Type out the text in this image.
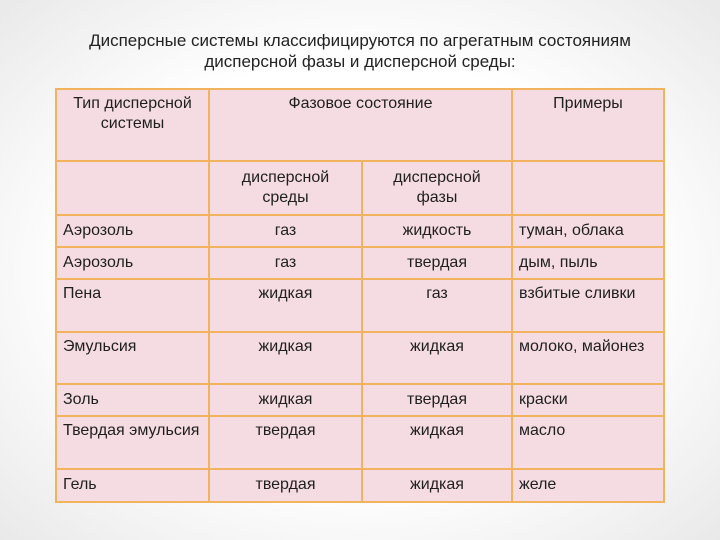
Дисперсные системы классифицируются по агрегатным состояниям
дисперсной фазы и дисперсной среды:
Тип дисперсной системы	Фазовое состояние		Примеры
	дисперсной среды	дисперсной фазы	
Аэрозоль	газ	жидкость	туман, облака
Аэрозоль	газ	твердая	дым, пыль
Пена	жидкая	газ	взбитые сливки
Эмульсия	жидкая	жидкая	молоко, майонез
Золь	жидкая	твердая	краски
Твердая эмульсия	твердая	жидкая	масло
Гель	твердая	жидкая	желе
